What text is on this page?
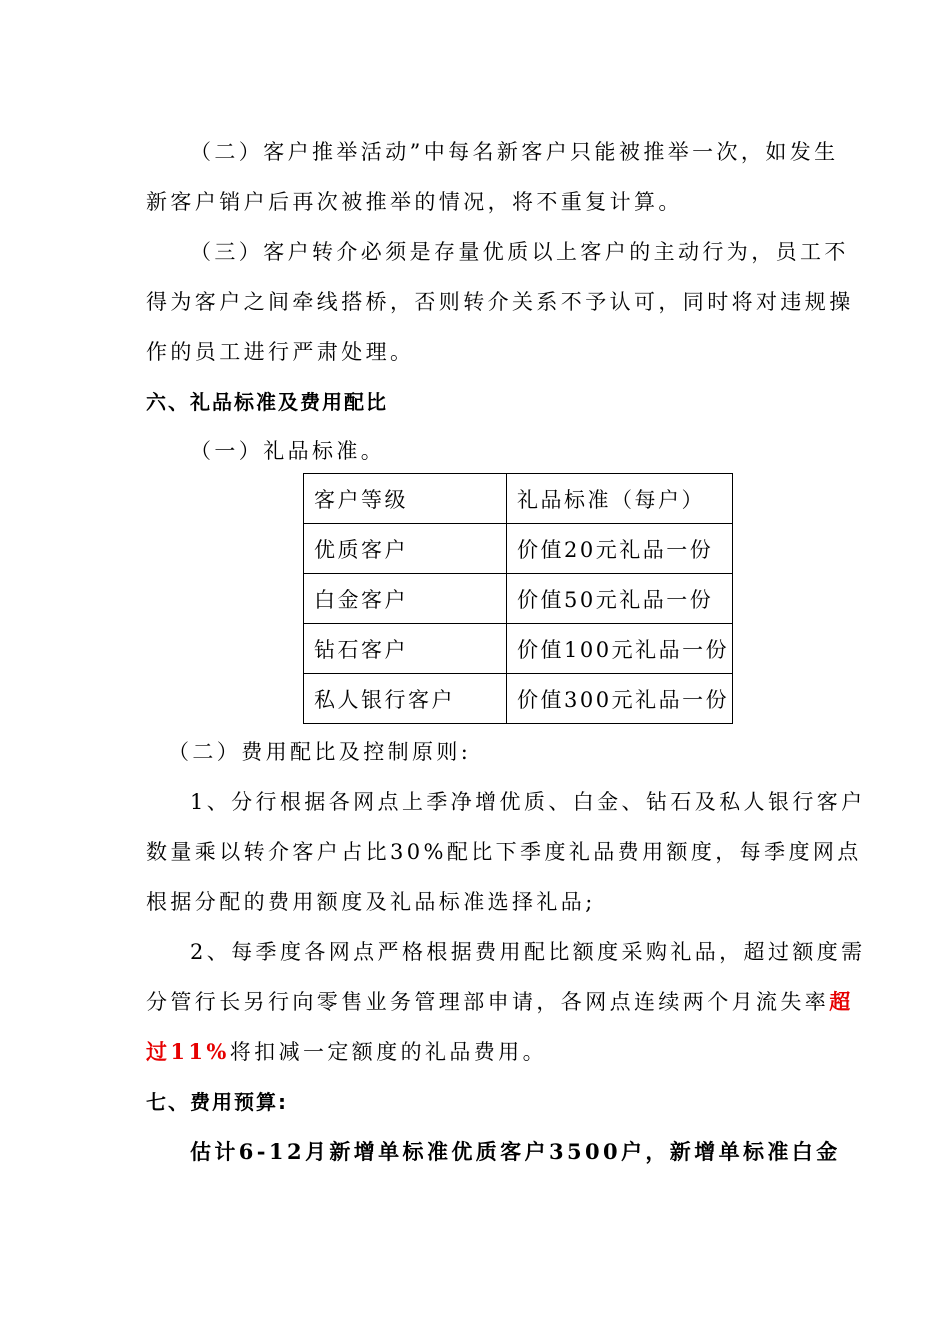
（二）客户推举活动”中每名新客户只能被推举一次，如发生
新客户销户后再次被推举的情况，将不重复计算。
（三）客户转介必须是存量优质以上客户的主动行为，员工不
得为客户之间牵线搭桥，否则转介关系不予认可，同时将对违规操
作的员工进行严肃处理。
六、礼品标准及费用配比
（一）礼品标准。
客户等级	礼品标准（每户）
优质客户	价值20元礼品一份
白金客户	价值50元礼品一份
钻石客户	价值100元礼品一份
私人银行客户	价值300元礼品一份
（二）费用配比及控制原则:
1、分行根据各网点上季净增优质、白金、钻石及私人银行客户
数量乘以转介客户占比30%配比下季度礼品费用额度，每季度网点
根据分配的费用额度及礼品标准选择礼品;
2、每季度各网点严格根据费用配比额度采购礼品，超过额度需
分管行长另行向零售业务管理部申请，各网点连续两个月流失率超
过11%将扣减一定额度的礼品费用。
七、费用预算:
估计6-12月新增单标准优质客户3500户，新增单标准白金
